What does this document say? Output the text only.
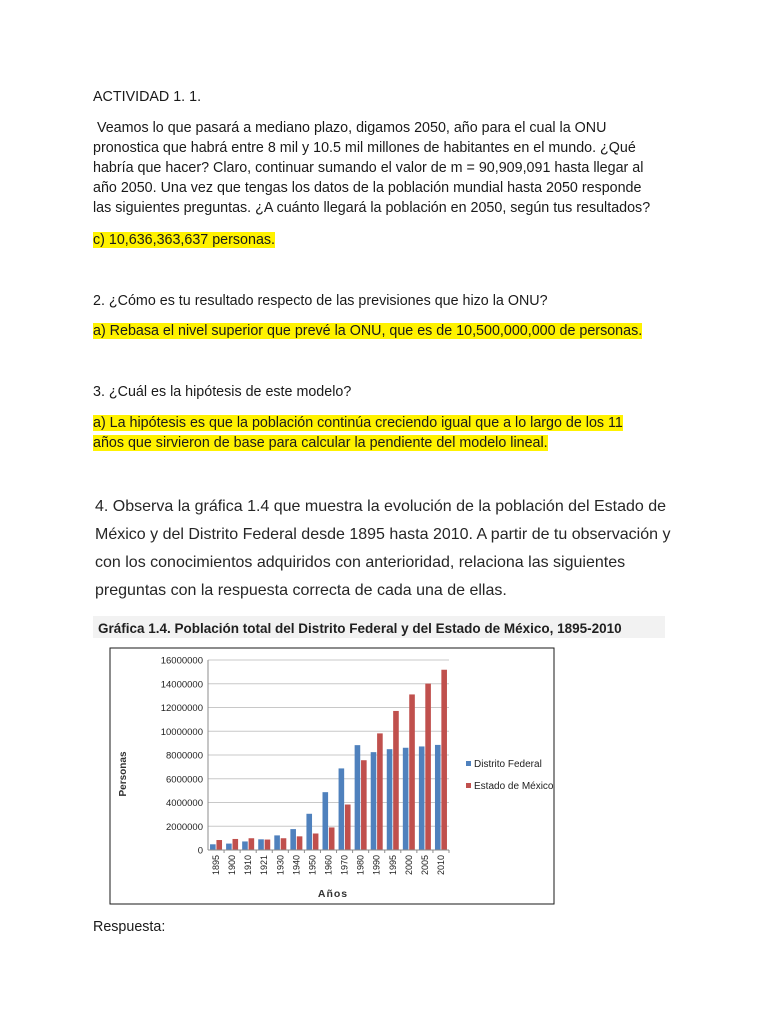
ACTIVIDAD 1. 1.

Veamos lo que pasará a mediano plazo, digamos 2050, año para el cual la ONU
pronostica que habrá entre 8 mil y 10.5 mil millones de habitantes en el mundo. ¿Qué
habría que hacer? Claro, continuar sumando el valor de m = 90,909,091 hasta llegar al
año 2050. Una vez que tengas los datos de la población mundial hasta 2050 responde
las siguientes preguntas. ¿A cuánto llegará la población en 2050, según tus resultados?

c) 10,636,363,637 personas.

2. ¿Cómo es tu resultado respecto de las previsiones que hizo la ONU?

a) Rebasa el nivel superior que prevé la ONU, que es de 10,500,000,000 de personas.

3. ¿Cuál es la hipótesis de este modelo?

a) La hipótesis es que la población continúa creciendo igual que a lo largo de los 11
años que sirvieron de base para calcular la pendiente del modelo lineal.
4. Observa la gráfica 1.4 que muestra la evolución de la población del Estado de
México y del Distrito Federal desde 1895 hasta 2010. A partir de tu observación y
con los conocimientos adquiridos con anterioridad, relaciona las siguientes
preguntas con la respuesta correcta de cada una de ellas.
Gráfica 1.4. Población total del Distrito Federal y del Estado de México, 1895-2010
0
2000000
4000000
6000000
8000000
10000000
12000000
14000000
16000000
1895 1900 1910 1921 1930 1940 1950 1960 1970 1980 1990 1995 2000 2005 2010
Personas
Años
Distrito Federal
Estado de México

Respuesta:
